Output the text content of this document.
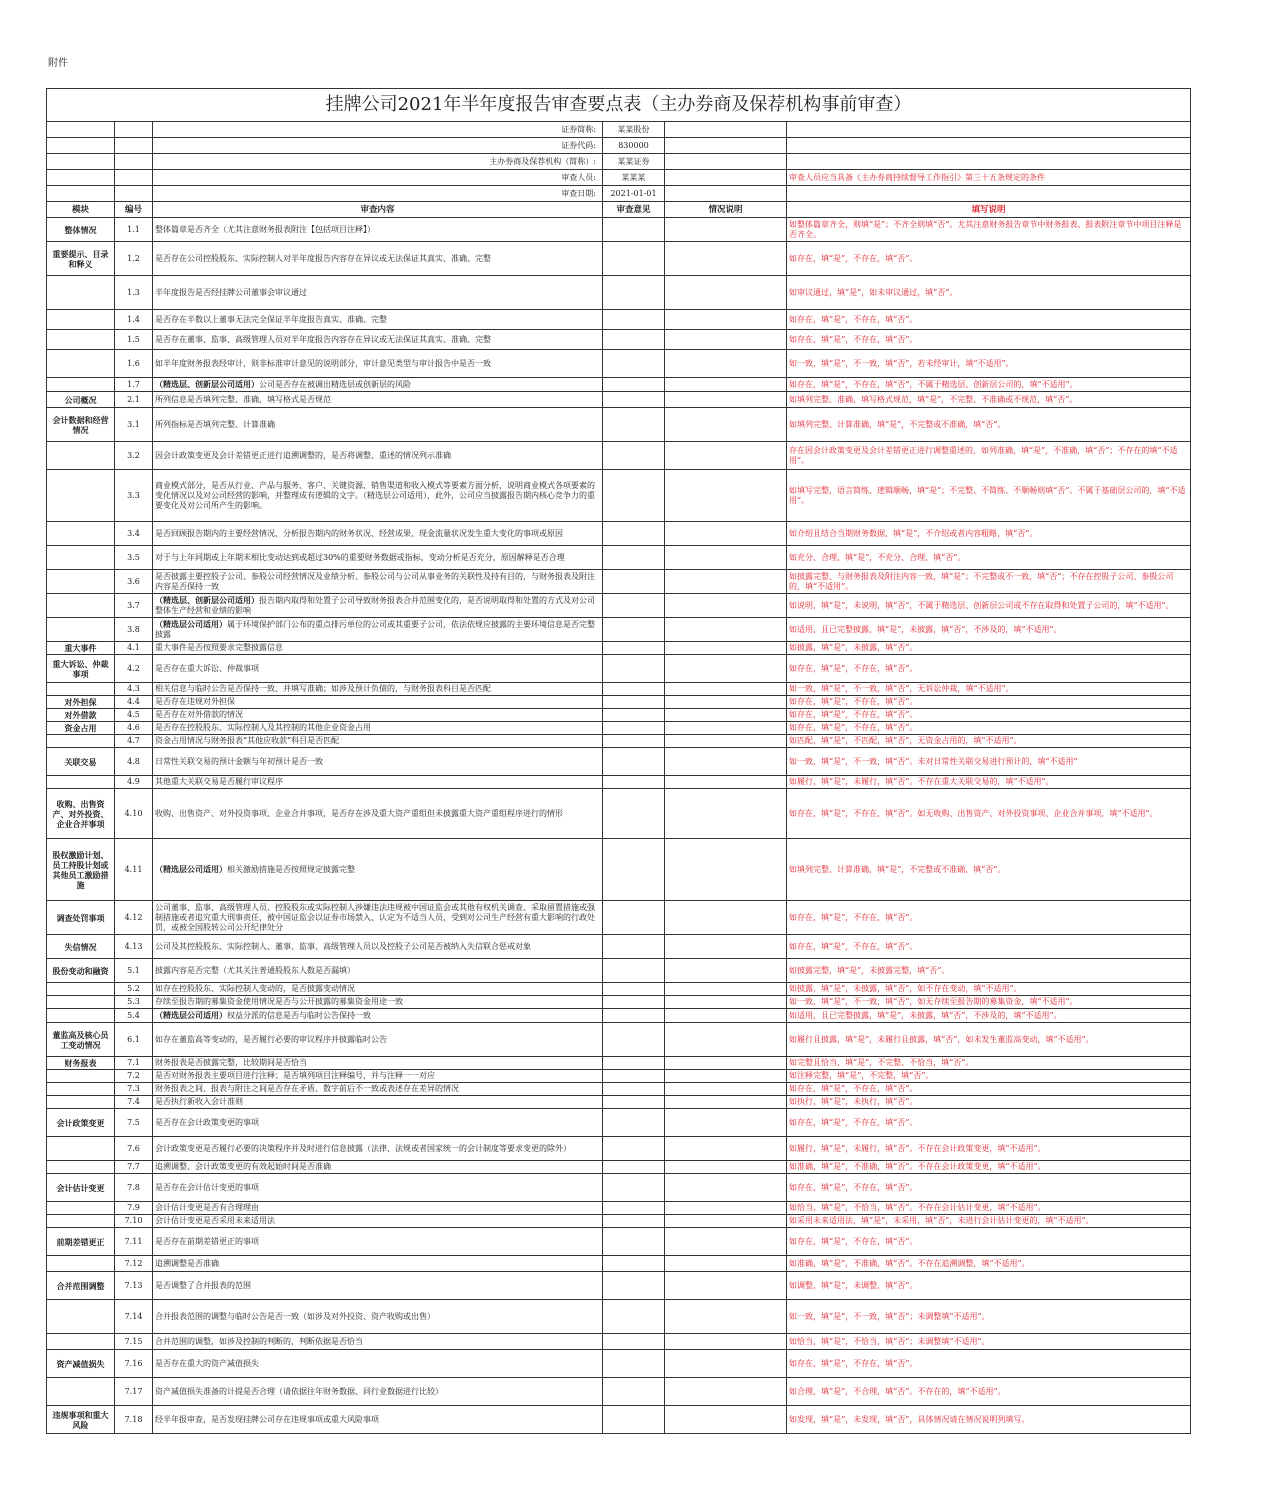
附件
挂牌公司2021年半年度报告审查要点表（主办券商及保荐机构事前审查）					
		证券简称:	某某股份		
		证券代码:	830000		
		主办券商及保荐机构（简称）:	某某证券		
		审查人员:	某某某		审查人员应当具备《主办券商持续督导工作指引》第三十五条规定的条件
		审查日期:	2021-01-01		
模块	编号	审查内容	审查意见	情况说明	填写说明
整体情况	1.1	整体篇章是否齐全（尤其注意财务报表附注【包括项目注释】）			如整体篇章齐全，则填“是”；不齐全则填“否”。尤其注意财务报告章节中财务报表、报表附注章节中项目注释是否齐全。
重要提示、目录和释义	1.2	是否存在公司控股股东、实际控制人对半年度报告内容存在异议或无法保证其真实、准确、完整			如存在，填“是”，不存在，填“否”。
	1.3	半年度报告是否经挂牌公司董事会审议通过			如审议通过，填“是”，如未审议通过，填“否”。
	1.4	是否存在半数以上董事无法完全保证半年度报告真实、准确、完整			如存在，填“是”，不存在，填“否”。
	1.5	是否存在董事、监事、高级管理人员对半年度报告内容存在异议或无法保证其真实、准确、完整			如存在，填“是”，不存在，填“否”。
	1.6	如半年度财务报表经审计，则非标准审计意见的说明部分，审计意见类型与审计报告中是否一致			如一致，填“是”，不一致，填“否”，若未经审计，填“不适用”。
	1.7	（精选层、创新层公司适用）公司是否存在被调出精选层或创新层的风险			如存在，填“是”，不存在，填“否”，不属于精选层、创新层公司的，填“不适用”。
公司概况	2.1	所列信息是否填列完整、准确，填写格式是否规范			如填列完整、准确，填写格式规范，填“是”，不完整、不准确或不规范，填“否”。
会计数据和经营情况	3.1	所列指标是否填列完整、计算准确			如填列完整、计算准确，填“是”，不完整或不准确，填“否”。
	3.2	因会计政策变更及会计差错更正进行追溯调整的，是否将调整、重述的情况列示准确			存在因会计政策变更及会计差错更正进行调整重述的，如列准确，填“是”，不准确，填“否”；不存在的填“不适用”。
	3.3	商业模式部分，是否从行业、产品与服务、客户、关键资源、销售渠道和收入模式等要素方面分析，说明商业模式各项要素的变化情况以及对公司经营的影响，并整理成有逻辑的文字。（精选层公司适用），此外，公司应当披露报告期内核心竞争力的重要变化及对公司所产生的影响。			如填写完整，语言简练、逻辑顺畅，填“是”；不完整、不简练、不顺畅则填“否”。不属于基础层公司的，填“不适用”。
	3.4	是否回顾报告期内的主要经营情况，分析报告期内的财务状况、经营成果、现金流量状况发生重大变化的事项或原因			如介绍且结合当期财务数据，填“是”，不介绍或者内容粗略，填“否”。
	3.5	对于与上年同期或上年期末相比变动达到或超过30%的重要财务数据或指标，变动分析是否充分，原因解释是否合理			如充分、合理，填“是”，不充分、合理，填“否”。
	3.6	是否披露主要控股子公司、参股公司经营情况及业绩分析、参股公司与公司从事业务的关联性及持有目的，与财务报表及附注内容是否保持一致			如披露完整、与财务报表及附注内容一致，填“是”；不完整或不一致，填“否”；不存在控股子公司、参股公司的，填“不适用”。
	3.7	（精选层、创新层公司适用）报告期内取得和处置子公司导致财务报表合并范围变化的，是否说明取得和处置的方式及对公司整体生产经营和业绩的影响			如说明，填“是”，未说明，填“否”，不属于精选层、创新层公司或不存在取得和处置子公司的，填“不适用”。
	3.8	（精选层公司适用）属于环境保护部门公布的重点排污单位的公司或其重要子公司，依法依规应披露的主要环境信息是否完整披露			如适用，且已完整披露，填“是”，未披露，填“否”，不涉及的，填“不适用”。
重大事件	4.1	重大事件是否按照要求完整披露信息			如披露，填“是”，未披露，填“否”。
重大诉讼、仲裁事项	4.2	是否存在重大诉讼、仲裁事项			如存在，填“是”，不存在，填“否”。
	4.3	相关信息与临时公告是否保持一致、并填写准确；如涉及预计负债的，与财务报表科目是否匹配			如一致，填“是”，不一致，填“否”，无诉讼仲裁，填“不适用”。
对外担保	4.4	是否存在违规对外担保			如存在，填“是”，不存在，填“否”。
对外借款	4.5	是否存在对外借款的情况			如存在，填“是”，不存在，填“否”。
资金占用	4.6	是否存在控股股东、实际控制人及其控制的其他企业资金占用			如存在，填“是”，不存在，填“否”。
	4.7	资金占用情况与财务报表“其他应收款”科目是否匹配			如匹配，填“是”，不匹配，填“否”，无资金占用的，填“不适用”。
关联交易	4.8	日常性关联交易的预计金额与年初预计是否一致			如一致，填“是”，不一致，填“否”。未对日常性关联交易进行预计的，填“不适用”
	4.9	其他重大关联交易是否履行审议程序			如履行，填“是”，未履行，填“否”。不存在重大关联交易的，填“不适用”。
收购、出售资产、对外投资、企业合并事项	4.10	收购、出售资产、对外投资事项、企业合并事项，是否存在涉及重大资产重组但未披露重大资产重组程序进行的情形			如存在，填“是”，不存在，填“否”。如无收购、出售资产、对外投资事项、企业合并事项，填“不适用”。
股权激励计划、员工持股计划或其他员工激励措施	4.11	（精选层公司适用）相关激励措施是否按照规定披露完整			如填列完整、计算准确，填“是”，不完整或不准确，填“否”。
调查处罚事项	4.12	公司董事、监事、高级管理人员、控股股东或实际控制人涉嫌违法违规被中国证监会或其他有权机关调查、采取留置措施或强制措施或者追究重大刑事责任，被中国证监会以证券市场禁入、认定为不适当人员，受到对公司生产经营有重大影响的行政处罚，或被全国股转公司公开纪律处分			如存在，填“是”，不存在，填“否”。
失信情况	4.13	公司及其控股股东、实际控制人、董事、监事、高级管理人员以及控股子公司是否被纳入失信联合惩戒对象			如存在，填“是”，不存在，填“否”。
股份变动和融资	5.1	披露内容是否完整（尤其关注普通股股东人数是否漏填）			如披露完整，填“是”，未披露完整，填“否”。
	5.2	如存在控股股东、实际控制人变动的，是否披露变动情况			如披露，填“是”，未披露，填“否”，如不存在变动，填“不适用”。
	5.3	存续至报告期的募集资金使用情况是否与公开披露的募集资金用途一致			如一致，填“是”，不一致，填“否”，如无存续至报告期的募集资金，填“不适用”。
	5.4	（精选层公司适用）权益分派的信息是否与临时公告保持一致			如适用，且已完整披露，填“是”，未披露，填“否”，不涉及的，填“不适用”。
董监高及核心员工变动情况	6.1	如存在董监高等变动的，是否履行必要的审议程序并披露临时公告			如履行且披露，填“是”，未履行且披露，填“否”，如未发生董监高变动，填“不适用”。
财务报表	7.1	财务报表是否披露完整，比较期间是否恰当			如完整且恰当，填“是”，不完整、不恰当，填“否”。
	7.2	是否对财务报表主要项目进行注释；是否填列项目注释编号，并与注释一一对应			如注释完整，填“是”，不完整，填“否”。
	7.3	财务报表之间、报表与附注之间是否存在矛盾、数字前后不一致或表述存在差异的情况			如存在，填“是”，不存在，填“否”。
	7.4	是否执行新收入会计准则			如执行，填“是”，未执行，填“否”。
会计政策变更	7.5	是否存在会计政策变更的事项			如存在，填“是”，不存在，填“否”。
	7.6	会计政策变更是否履行必要的决策程序并及时进行信息披露（法律、法规或者国家统一的会计制度等要求变更的除外）			如履行，填“是”，未履行，填“否”。不存在会计政策变更，填“不适用”。
	7.7	追溯调整、会计政策变更的有效起始时间是否准确			如准确，填“是”，不准确，填“否”。不存在会计政策变更，填“不适用”。
会计估计变更	7.8	是否存在会计估计变更的事项			如存在，填“是”，不存在，填“否”。
	7.9	会计估计变更是否有合理理由			如恰当，填“是”，不恰当，填“否”。不存在会计估计变更，填“不适用”。
	7.10	会计估计变更是否采用未来适用法			如采用未来适用法，填“是”，未采用，填“否”，未进行会计估计变更的，填“不适用”。
前期差错更正	7.11	是否存在前期差错更正的事项			如存在，填“是”，不存在，填“否”。
	7.12	追溯调整是否准确			如准确，填“是”，不准确，填“否”。不存在追溯调整，填“不适用”。
合并范围调整	7.13	是否调整了合并报表的范围			如调整，填“是”，未调整，填“否”。
	7.14	合并报表范围的调整与临时公告是否一致（如涉及对外投资、资产收购或出售）			如一致，填“是”，不一致，填“否”；未调整填“不适用”。
	7.15	合并范围的调整，如涉及控制的判断的，判断依据是否恰当			如恰当，填“是”，不恰当，填“否”；未调整填“不适用”。
资产减值损失	7.16	是否存在重大的资产减值损失			如存在，填“是”，不存在，填“否”。
	7.17	资产减值损失准备的计提是否合理（请依据往年财务数据、同行业数据进行比较）			如合理，填“是”，不合理，填“否”。不存在的，填“不适用”。
违规事项和重大风险	7.18	经半年报审查，是否发现挂牌公司存在违规事项或重大风险事项			如发现，填“是”，未发现，填“否”，具体情况请在情况说明列填写。
